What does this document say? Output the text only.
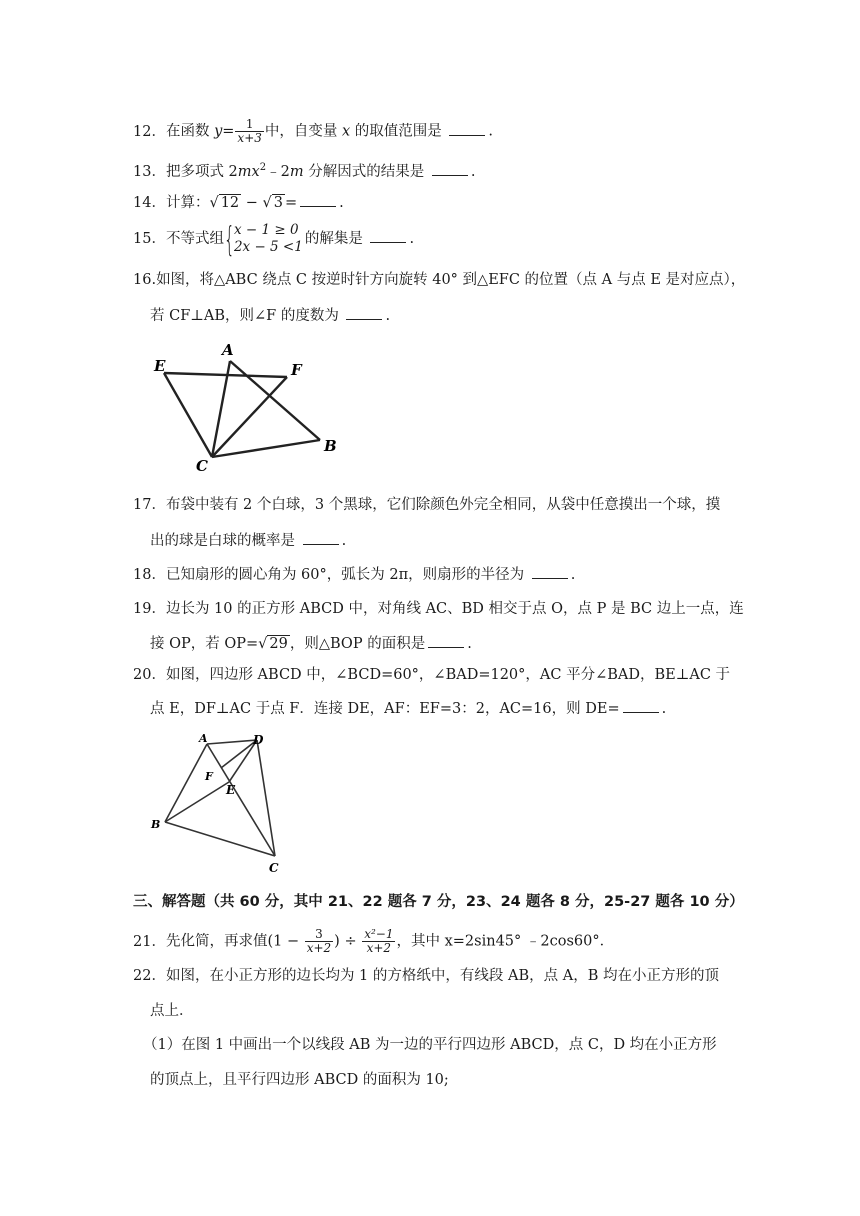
12．在函数 $y= \frac{1}{x+3}$ 中，自变量 x 的取值范围是	.
13．把多项式 $2mx^2﹣2m$ 分解因式的结果是	.
14．计算：√ 12 − √ 3 =	.
15．不等式组 { x − 1 ≥ 0
2x − 5 <1 的解集是	.
16.如图，将△ABC 绕点 C 按逆时针方向旋转 40° 到△EFC 的位置（点 A 与点 E 是对应点），
若 CF⊥AB，则∠F 的度数为	.
E
A
F
B
C
17．布袋中装有 2 个白球，3 个黑球，它们除颜色外完全相同，从袋中任意摸出一个球，摸
出的球是白球的概率是	.
18．已知扇形的圆心角为 60°，弧长为 2π，则扇形的半径为	.
19．边长为 10 的正方形 ABCD 中，对角线 AC、BD 相交于点 O，点 P 是 BC 边上一点，连
接 OP，若 OP=√ 29 ，则△BOP 的面积是	.
20．如图，四边形 ABCD 中，∠BCD=60°，∠BAD=120°，AC 平分∠BAD，BE⊥AC 于
点 E，DF⊥AC 于点 F．连接 DE，AF：EF=3：2，AC=16，则 DE=	.
A	D
F
E
B
C
三、解答题（共 60 分，其中 21、22 题各 7 分，23、24 题各 8 分，25-27 题各 10 分）
21．先化简，再求值($1 - \frac{3}{x+2}$ ) ÷ $\frac{\text{x²−1}}{x+2}$ ，其中 x=2sin45° ﹣2cos60°．
22．如图，在小正方形的边长均为 1 的方格纸中，有线段 AB，点 A，B 均在小正方形的顶
点上．
（1）在图 1 中画出一个以线段 AB 为一边的平行四边形 ABCD，点 C，D 均在小正方形
的顶点上，且平行四边形 ABCD 的面积为 10;
